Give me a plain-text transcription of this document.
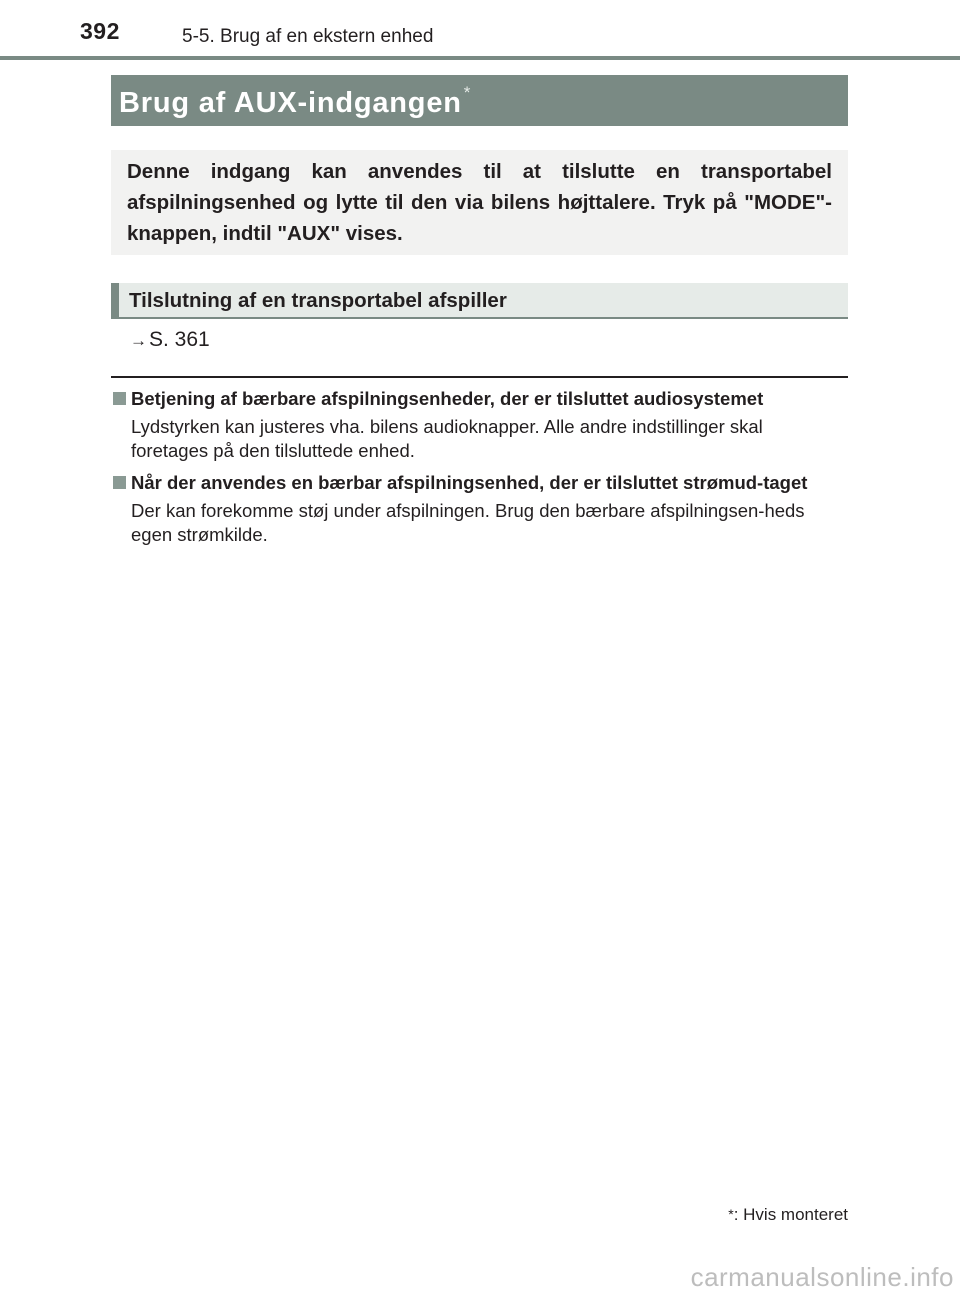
392	5-5. Brug af en ekstern enhed
Brug af AUX-indgangen *
Denne indgang kan anvendes til at tilslutte en transportabel afspilningsenhed og lytte til den via bilens højttalere. Tryk på "MODE"-knappen, indtil "AUX" vises.
Tilslutning af en transportabel afspiller
→S. 361
Betjening af bærbare afspilningsenheder, der er tilsluttet audiosystemet
Lydstyrken kan justeres vha. bilens audioknapper. Alle andre indstillinger skal foretages på den tilsluttede enhed.
Når der anvendes en bærbar afspilningsenhed, der er tilsluttet strømud-taget
Der kan forekomme støj under afspilningen. Brug den bærbare afspilningsen-heds egen strømkilde.
*: Hvis monteret
carmanualsonline.info
